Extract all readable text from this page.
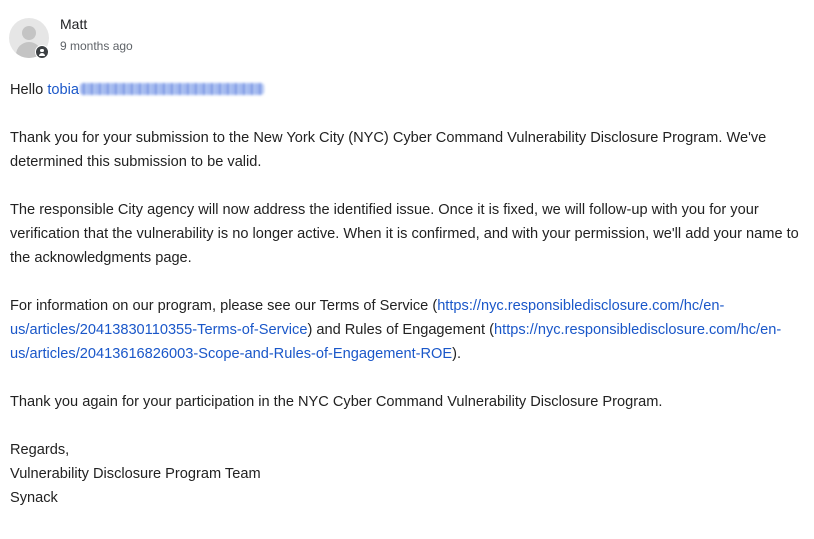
Matt
9 months ago

Hello tobia

Thank you for your submission to the New York City (NYC) Cyber Command Vulnerability Disclosure Program. We've determined this submission to be valid.

The responsible City agency will now address the identified issue. Once it is fixed, we will follow-up with you for your verification that the vulnerability is no longer active. When it is confirmed, and with your permission, we'll add your name to the acknowledgments page.

For information on our program, please see our Terms of Service (https://nyc.responsibledisclosure.com/hc/en-us/articles/20413830110355-Terms-of-Service) and Rules of Engagement (https://nyc.responsibledisclosure.com/hc/en-us/articles/20413616826003-Scope-and-Rules-of-Engagement-ROE).

Thank you again for your participation in the NYC Cyber Command Vulnerability Disclosure Program.

Regards,
Vulnerability Disclosure Program Team
Synack
